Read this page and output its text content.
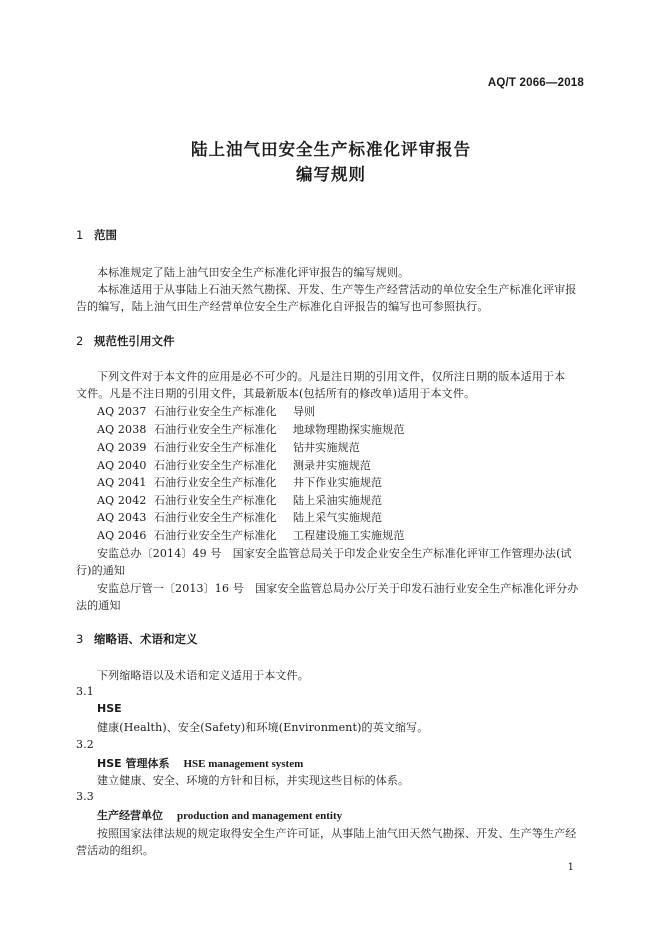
AQ/T 2066—2018
陆上油气田安全生产标准化评审报告
编写规则
1 范围
本标准规定了陆上油气田安全生产标准化评审报告的编写规则。
本标准适用于从事陆上石油天然气勘探、开发、生产等生产经营活动的单位安全生产标准化评审报
告的编写，陆上油气田生产经营单位安全生产标准化自评报告的编写也可参照执行。
2 规范性引用文件
下列文件对于本文件的应用是必不可少的。凡是注日期的引用文件，仅所注日期的版本适用于本
文件。凡是不注日期的引用文件，其最新版本(包括所有的修改单)适用于本文件。
AQ 2037 石油行业安全生产标准化 导则
AQ 2038 石油行业安全生产标准化 地球物理勘探实施规范
AQ 2039 石油行业安全生产标准化 钻井实施规范
AQ 2040 石油行业安全生产标准化 测录井实施规范
AQ 2041 石油行业安全生产标准化 井下作业实施规范
AQ 2042 石油行业安全生产标准化 陆上采油实施规范
AQ 2043 石油行业安全生产标准化 陆上采气实施规范
AQ 2046 石油行业安全生产标准化 工程建设施工实施规范
安监总办〔2014〕49 号　国家安全监管总局关于印发企业安全生产标准化评审工作管理办法(试
行)的通知
安监总厅管一〔2013〕16 号　国家安全监管总局办公厅关于印发石油行业安全生产标准化评分办
法的通知
3 缩略语、术语和定义
下列缩略语以及术语和定义适用于本文件。
3.1
HSE
健康(Health)、安全(Safety)和环境(Environment)的英文缩写。
3.2
HSE 管理体系 HSE management system
建立健康、安全、环境的方针和目标，并实现这些目标的体系。
3.3
生产经营单位 production and management entity
按照国家法律法规的规定取得安全生产许可证，从事陆上油气田天然气勘探、开发、生产等生产经
营活动的组织。
1
